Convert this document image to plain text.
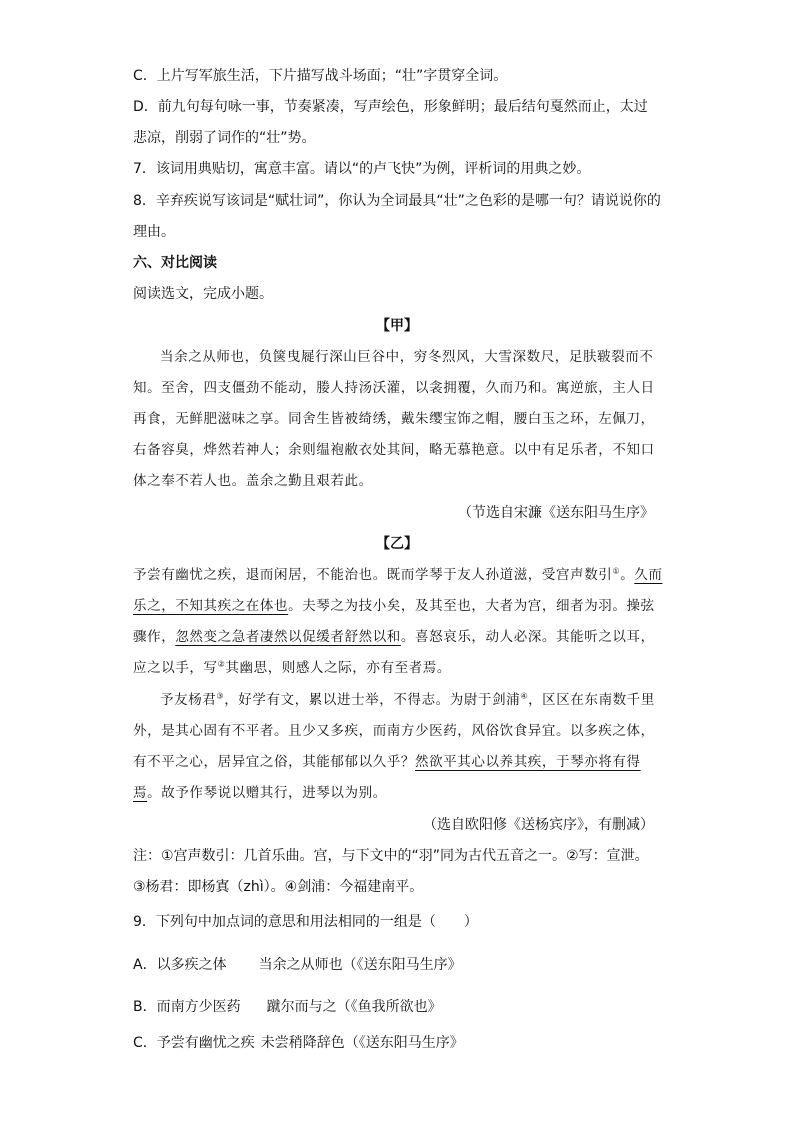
C．上片写军旅生活，下片描写战斗场面；“壮”字贯穿全词。
D．前九句每句咏一事，节奏紧凑，写声绘色，形象鲜明；最后结句戛然而止，太过
悲凉，削弱了词作的“壮”势。
7．该词用典贴切，寓意丰富。请以“的卢飞快”为例，评析词的用典之妙。
8．辛弃疾说写该词是“赋壮词”，你认为全词最具“壮”之色彩的是哪一句？请说说你的
理由。
六、对比阅读
阅读选文，完成小题。
【甲】
当余之从师也，负箧曳屣行深山巨谷中，穷冬烈风，大雪深数尺，足肤皲裂而不
知。至舍，四支僵劲不能动，媵人持汤沃灌，以衾拥覆，久而乃和。寓逆旅，主人日
再食，无鲜肥滋味之享。同舍生皆被绮绣，戴朱缨宝饰之帽，腰白玉之环，左佩刀，
右备容臭，烨然若神人；余则缊袍敝衣处其间，略无慕艳意。以中有足乐者，不知口
体之奉不若人也。盖余之勤且艰若此。
（节选自宋濂《送东阳马生序》
【乙】
予尝有幽忧之疾，退而闲居，不能治也。既而学琴于友人孙道滋，受宫声数引①。久而
乐之，不知其疾之在体也。夫琴之为技小矣，及其至也，大者为宫，细者为羽。操弦
骤作，忽然变之急者凄然以促缓者舒然以和。喜怒哀乐，动人必深。其能听之以耳，
应之以手，写②其幽思，则感人之际，亦有至者焉。
予友杨君③，好学有文，累以进士举，不得志。为尉于剑浦④，区区在东南数千里
外，是其心固有不平者。且少又多疾，而南方少医药，风俗饮食异宜。以多疾之体，
有不平之心，居异宜之俗，其能郁郁以久乎？然欲平其心以养其疾，于琴亦将有得
焉。故予作琴说以赠其行，进琴以为别。
（选自欧阳修《送杨宾序》，有删减）
注：①宫声数引：几首乐曲。宫，与下文中的“羽”同为古代五音之一。②写：宣泄。
③杨君：即杨寘（zhì）。④剑浦：今福建南平。
9．下列句中加点词的意思和用法相同的一组是（　　）
A．以多疾之体 当余之从师也（《送东阳马生序》
B．而南方少医药 蹴尔而与之（《鱼我所欲也》
C．予尝有幽忧之疾 未尝稍降辞色（《送东阳马生序》
